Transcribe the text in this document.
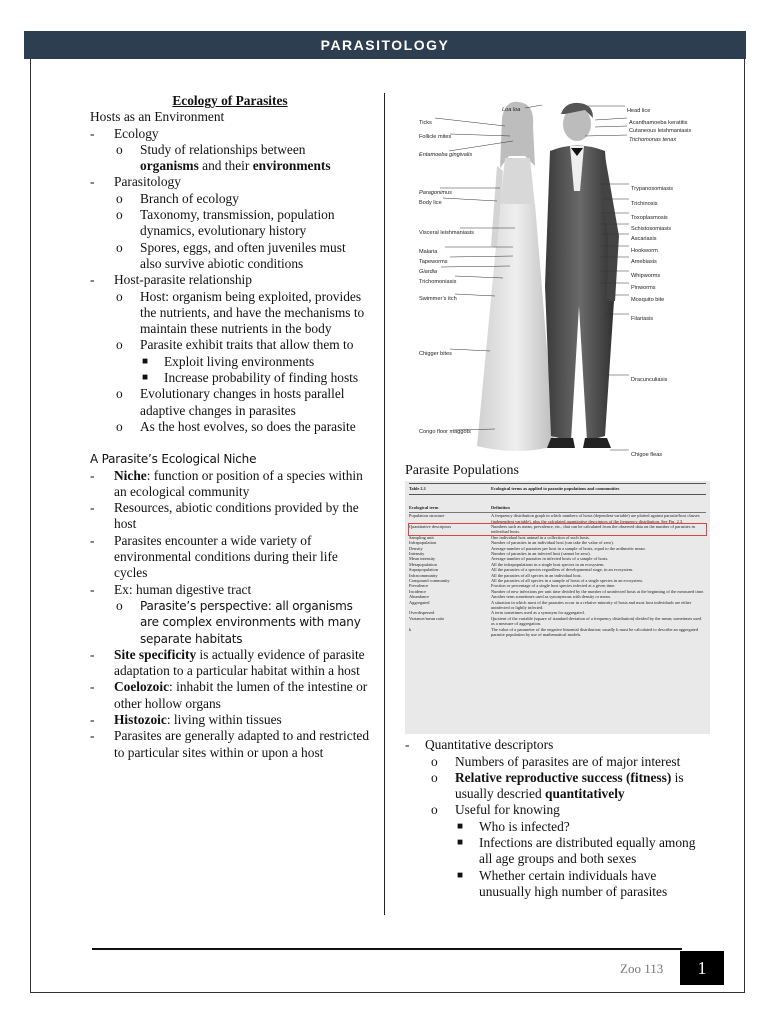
PARASITOLOGY
Ecology of Parasites
Hosts as an Environment
-	Ecology
o	Study of relationships between
organisms and their environments
-	Parasitology
o	Branch of ecology
o	Taxonomy, transmission, population dynamics, evolutionary history
o	Spores, eggs, and often juveniles must also survive abiotic conditions
-	Host-parasite relationship
o	Host: organism being exploited, provides the nutrients, and have the mechanisms to maintain these nutrients in the body
o	Parasite exhibit traits that allow them to
■	Exploit living environments
■	Increase probability of finding hosts
o	Evolutionary changes in hosts parallel adaptive changes in parasites
o	As the host evolves, so does the parasite
A Parasite’s Ecological Niche
-	Niche: function or position of a species within an ecological community
-	Resources, abiotic conditions provided by the host
-	Parasites encounter a wide variety of environmental conditions during their life cycles
-	Ex: human digestive tract
o	Parasite’s perspective: all organisms are complex environments with many separate habitats
-	Site specificity is actually evidence of parasite adaptation to a particular habitat within a host
-	Coelozoic: inhabit the lumen of the intestine or other hollow organs
-	Histozoic: living within tissues
-	Parasites are generally adapted to and restricted to particular sites within or upon a host
Loa loa
Ticks
Follicle mites
Entamoeba gingivalis
Paragonimus
Body lice
Visceral leishmaniasis
Malaria
Tapeworms
Giardia
Trichomoniasis
Swimmer’s itch
Chigger bites
Congo floor maggots
Head lice
Acanthamoeba keratitis
Cutaneous leishmaniasis
Trichomonas tenax
Trypanosomiasis
Trichinosis
Toxoplasmosis
Schistosomiasis
Ascariasis
Hookworm
Amebiasis
Whipworms
Pinworms
Mosquito bite
Filariasis
Dracunculiasis
Chigoe fleas
Parasite Populations
Table 2.1	Ecological terms as applied to parasite populations and communities
Ecological term	Definition
Population structure	A frequency distribution graph in which numbers of hosts (dependent variable) are plotted against parasite/host classes (independent variable), plus the calculated quantitative descriptors of the frequency distribution. See Fig. 2.3.
Quantitative descriptors	Numbers such as mean, prevalence, etc., that can be calculated from the observed data on the number of parasites in individual hosts.
Sampling unit	One individual host animal in a collection of such hosts.
Infrapopulation	Number of parasites in an individual host (can take the value of zero).
Density	Average number of parasites per host in a sample of hosts, equal to the arithmetic mean.
Intensity	Number of parasites in an infected host (cannot be zero).
Mean intensity	Average number of parasites in infected hosts of a sample of hosts.
Metapopulation	All the infrapopulations in a single host species in an ecosystem.
Suprapopulation	All the parasites of a species regardless of developmental stage, in an ecosystem.
Infracommunity	All the parasites of all species in an individual host.
Compound community	All the parasites of all species in a sample of hosts of a single species in an ecosystem.
Prevalence	Fraction or percentage of a single host species infected at a given time.
Incidence	Number of new infections per unit time divided by the number of uninfected hosts at the beginning of the measured time.
Abundance	Another term sometimes used as synonymous with density or mean.
Aggregated	A situation in which most of the parasites occur in a relative minority of hosts and most host individuals are either uninfected or lightly infected.
Overdispersed	A term sometimes used as a synonym for aggregated.
Variance/mean ratio	Quotient of the variable (square of standard deviation of a frequency distribution) divided by the mean; sometimes used as a measure of aggregation.
k	The value of a parameter of the negative binomial distribution; usually k must be calculated to describe an aggregated parasite population by use of mathematical models.
-	Quantitative descriptors
o	Numbers of parasites are of major interest
o	Relative reproductive success (fitness) is usually descried quantitatively
o	Useful for knowing
■	Who is infected?
■	Infections are distributed equally among all age groups and both sexes
■	Whether certain individuals have unusually high number of parasites
Zoo 113	1
